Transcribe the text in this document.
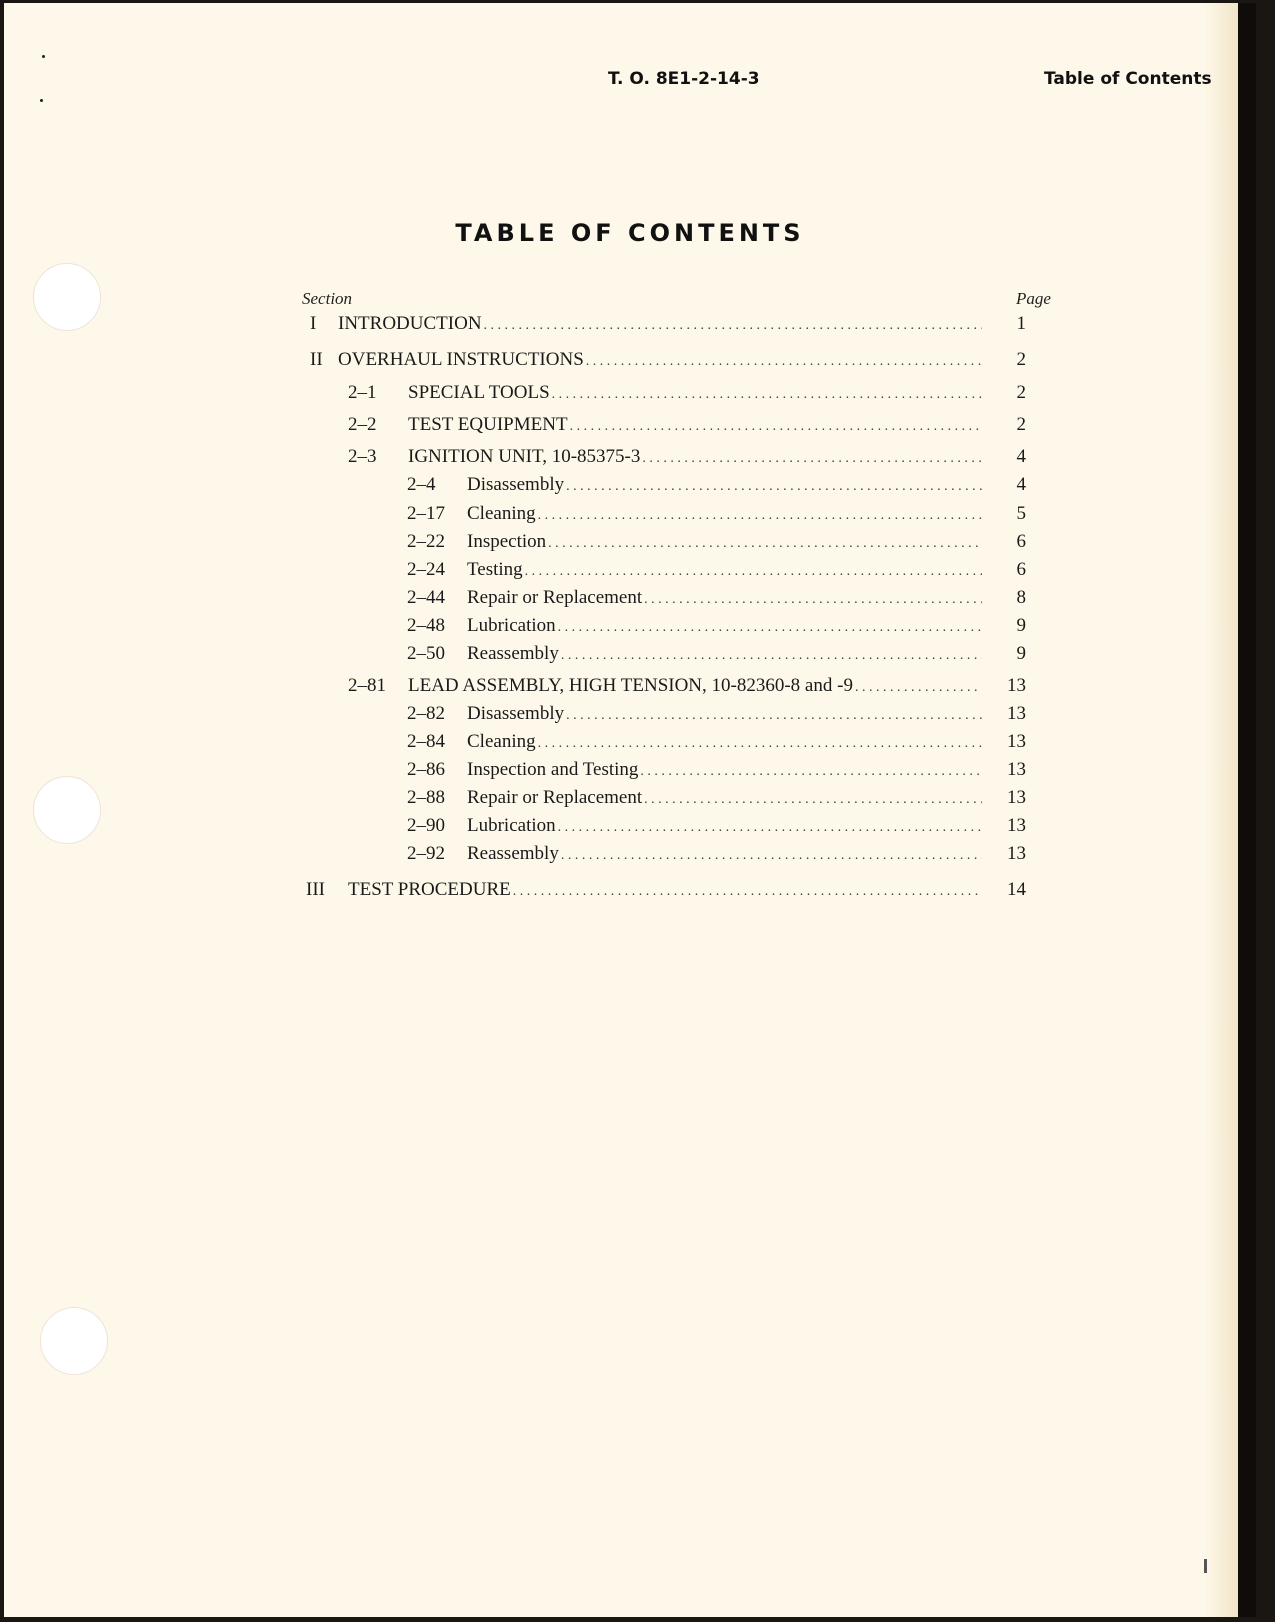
T. O. 8E1-2-14-3	Table of Contents
TABLE OF CONTENTS
Section	Page
I	INTRODUCTION . . .	1
II OVERHAUL INSTRUCTIONS . . .	2
2–1	SPECIAL TOOLS . . .	2
2–2	TEST EQUIPMENT . . .	2
2–3	IGNITION UNIT, 10-85375-3 . . .	4
2–4	Disassembly . . .	4
2–17	Cleaning . . .	5
2–22	Inspection . . .	6
2–24	Testing . . .	6
2–44	Repair or Replacement . . .	8
2–48	Lubrication . . .	9
2–50	Reassembly . . .	9
2–81	LEAD ASSEMBLY, HIGH TENSION, 10-82360-8 and -9 . . .	13
2–82	Disassembly . . .	13
2–84	Cleaning . . .	13
2–86	Inspection and Testing . . .	13
2–88	Repair or Replacement . . .	13
2–90	Lubrication . . .	13
2–92	Reassembly . . .	13
III	TEST PROCEDURE . . .	14
